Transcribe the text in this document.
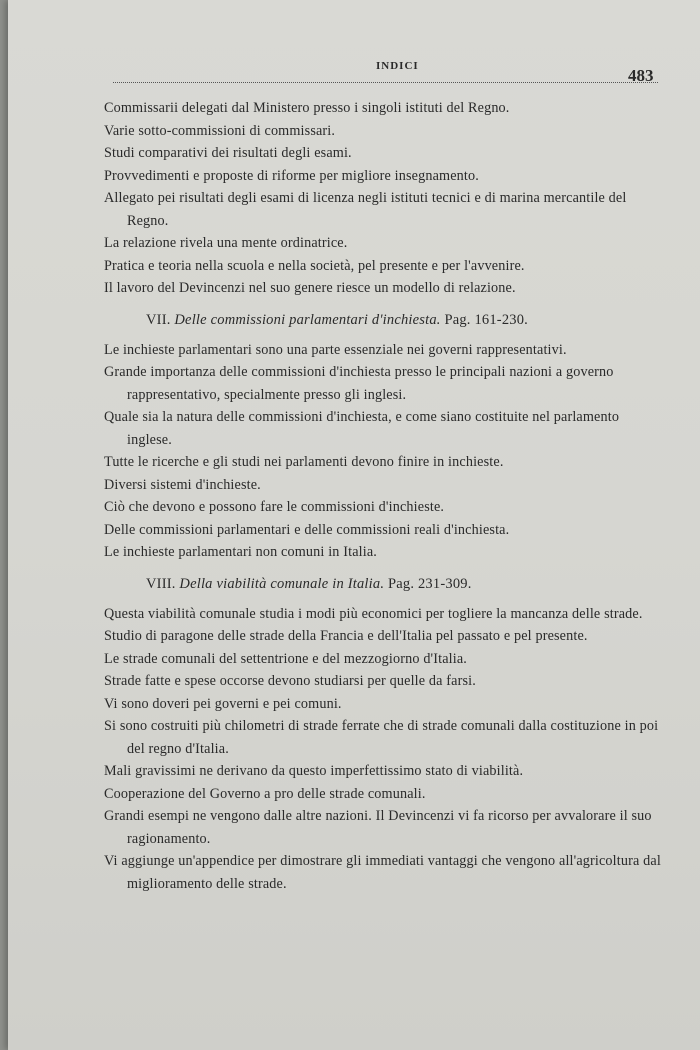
INDICI	483

Commissarii delegati dal Ministero presso i singoli istituti del Regno.

Varie sotto-commissioni di commissari.

Studi comparativi dei risultati degli esami.

Provvedimenti e proposte di riforme per migliore insegnamento.

Allegato pei risultati degli esami di licenza negli istituti tecnici e di marina mercantile del Regno.

La relazione rivela una mente ordinatrice.

Pratica e teoria nella scuola e nella società, pel presente e per l'avvenire.

Il lavoro del Devincenzi nel suo genere riesce un modello di relazione.

VII. Delle commissioni parlamentari d'inchiesta. Pag. 161-230.

Le inchieste parlamentari sono una parte essenziale nei governi rappresentativi.

Grande importanza delle commissioni d'inchiesta presso le principali nazioni a governo rappresentativo, specialmente presso gli inglesi.

Quale sia la natura delle commissioni d'inchiesta, e come siano costituite nel parlamento inglese.

Tutte le ricerche e gli studi nei parlamenti devono finire in inchieste.

Diversi sistemi d'inchieste.

Ciò che devono e possono fare le commissioni d'inchieste.

Delle commissioni parlamentari e delle commissioni reali d'inchiesta.

Le inchieste parlamentari non comuni in Italia.

VIII. Della viabilità comunale in Italia. Pag. 231-309.

Questa viabilità comunale studia i modi più economici per togliere la mancanza delle strade.

Studio di paragone delle strade della Francia e dell'Italia pel passato e pel presente.

Le strade comunali del settentrione e del mezzogiorno d'Italia.

Strade fatte e spese occorse devono studiarsi per quelle da farsi.

Vi sono doveri pei governi e pei comuni.

Si sono costruiti più chilometri di strade ferrate che di strade comunali dalla costituzione in poi del regno d'Italia.

Mali gravissimi ne derivano da questo imperfettissimo stato di viabilità.

Cooperazione del Governo a pro delle strade comunali.

Grandi esempi ne vengono dalle altre nazioni. Il Devincenzi vi fa ricorso per avvalorare il suo ragionamento.

Vi aggiunge un'appendice per dimostrare gli immediati vantaggi che vengono all'agricoltura dal miglioramento delle strade.
